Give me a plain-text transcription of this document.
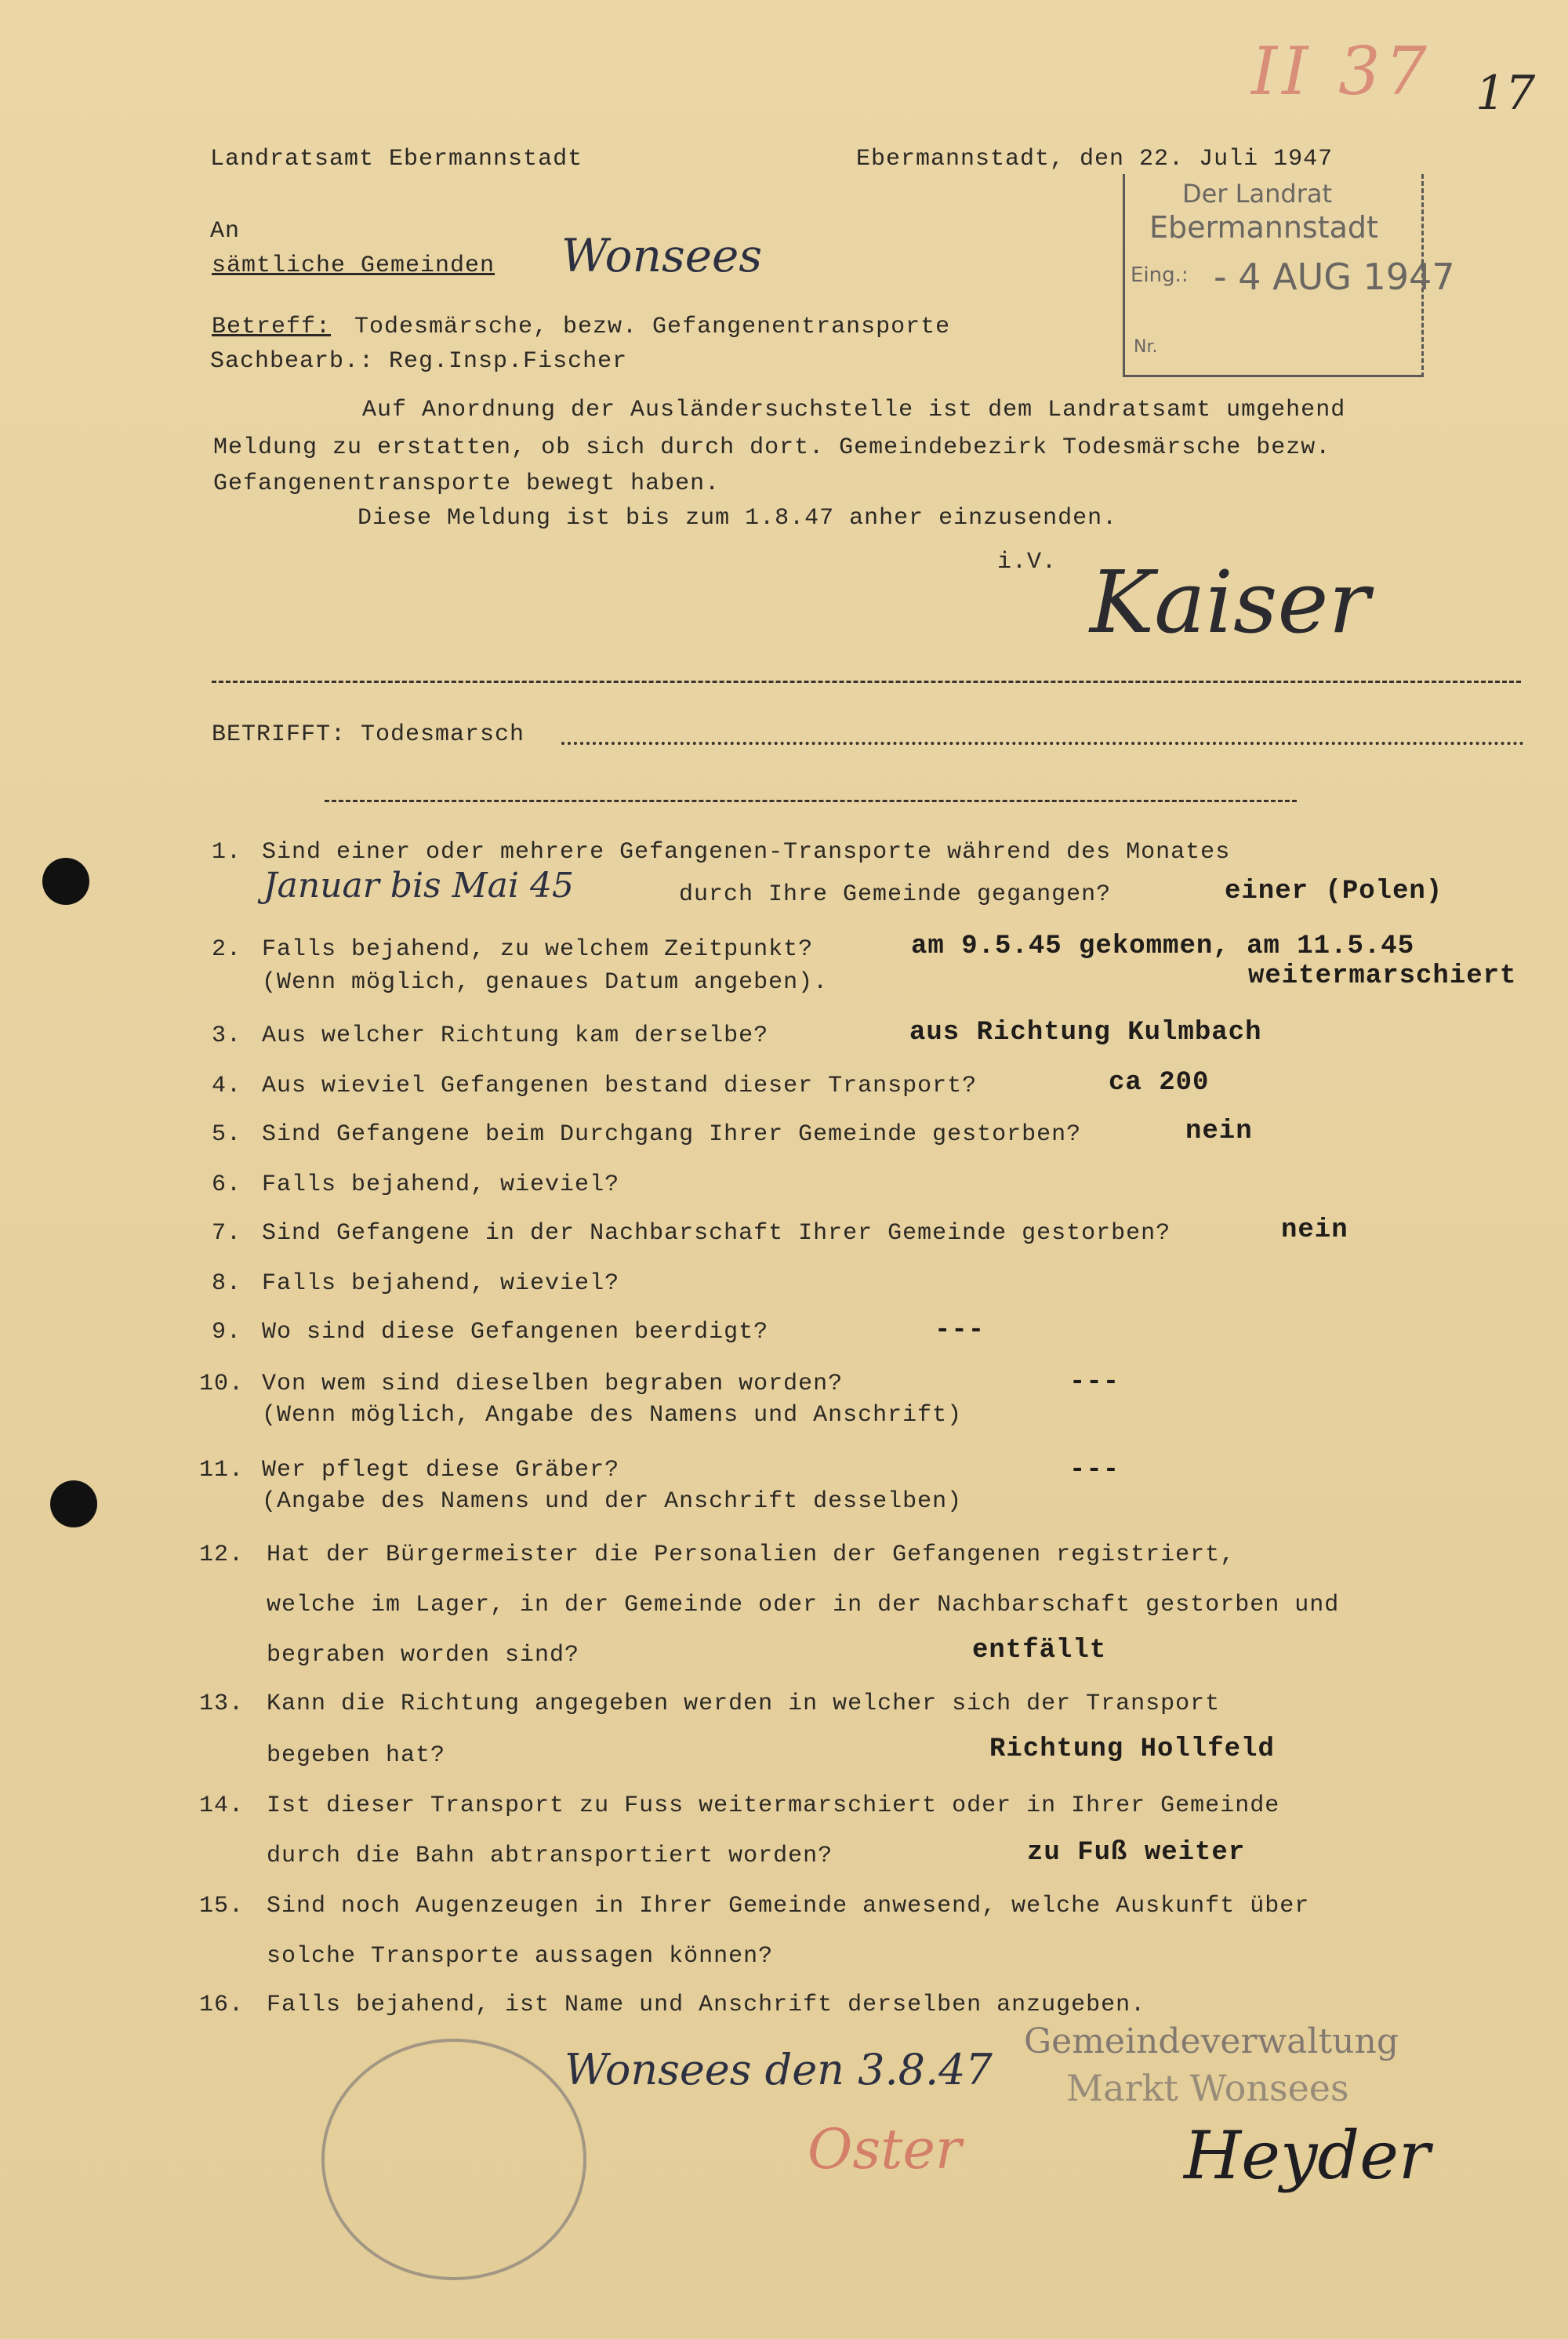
II 37 17
Landratsamt Ebermannstadt	Ebermannstadt, den 22. Juli 1947
Der Landrat
Ebermannstadt
Eing.: - 4 AUG 1947
Nr.
An
sämtliche Gemeinden Wonsees
Betreff: Todesmärsche, bezw. Gefangenentransporte
Sachbearb.: Reg.Insp.Fischer
Auf Anordnung der Ausländersuchstelle ist dem Landratsamt umgehend
Meldung zu erstatten, ob sich durch dort. Gemeindebezirk Todesmärsche bezw.
Gefangenentransporte bewegt haben.
Diese Meldung ist bis zum 1.8.47 anher einzusenden.
i.V. Kaiser
BETRIFFT: Todesmarsch
1. Sind einer oder mehrere Gefangenen-Transporte während des Monates
Januar bis Mai 45	durch Ihre Gemeinde gegangen?	einer (Polen)
2. Falls bejahend, zu welchem Zeitpunkt?
(Wenn möglich, genaues Datum angeben).
am 9.5.45 gekommen, am 11.5.45
weitermarschiert
3. Aus welcher Richtung kam derselbe?	aus Richtung Kulmbach
4. Aus wieviel Gefangenen bestand dieser Transport?	ca 200
5. Sind Gefangene beim Durchgang Ihrer Gemeinde gestorben?	nein
6. Falls bejahend, wieviel?
7. Sind Gefangene in der Nachbarschaft Ihrer Gemeinde gestorben?	nein
8. Falls bejahend, wieviel?
9. Wo sind diese Gefangenen beerdigt?	---
10. Von wem sind dieselben begraben worden?
(Wenn möglich, Angabe des Namens und Anschrift)
---
11. Wer pflegt diese Gräber?
(Angabe des Namens und der Anschrift desselben)
---
12. Hat der Bürgermeister die Personalien der Gefangenen registriert,
welche im Lager, in der Gemeinde oder in der Nachbarschaft gestorben und
begraben worden sind?	entfällt
13. Kann die Richtung angegeben werden in welcher sich der Transport
begeben hat?	Richtung Hollfeld
14. Ist dieser Transport zu Fuss weitermarschiert oder in Ihrer Gemeinde
durch die Bahn abtransportiert worden?	zu Fuß weiter
15. Sind noch Augenzeugen in Ihrer Gemeinde anwesend, welche Auskunft über
solche Transporte aussagen können?
16. Falls bejahend, ist Name und Anschrift derselben anzugeben.
Wonsees den 3.8.47
Gemeindeverwaltung
Markt Wonsees
Oster	Heyder
